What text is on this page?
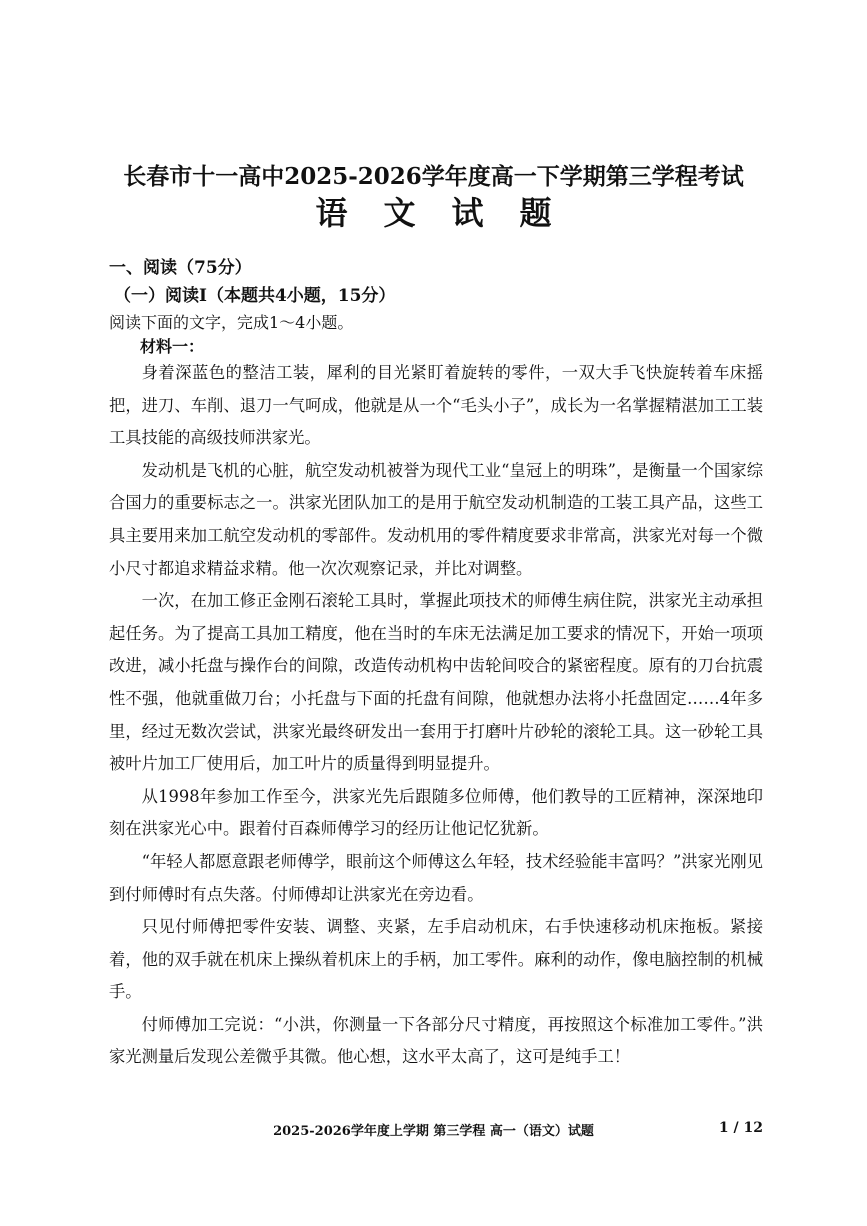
长春市十一高中2025-2026学年度高一下学期第三学程考试
语文试题
一、阅读（75分）
（一）阅读I（本题共4小题，15分）
阅读下面的文字，完成1～4小题。
材料一：

身着深蓝色的整洁工装，犀利的目光紧盯着旋转的零件，一双大手飞快旋转着车床摇把，进刀、车削、退刀一气呵成，他就是从一个“毛头小子”，成长为一名掌握精湛加工工装工具技能的高级技师洪家光。

发动机是飞机的心脏，航空发动机被誉为现代工业“皇冠上的明珠”，是衡量一个国家综合国力的重要标志之一。洪家光团队加工的是用于航空发动机制造的工装工具产品，这些工具主要用来加工航空发动机的零部件。发动机用的零件精度要求非常高，洪家光对每一个微小尺寸都追求精益求精。他一次次观察记录，并比对调整。

一次，在加工修正金刚石滚轮工具时，掌握此项技术的师傅生病住院，洪家光主动承担起任务。为了提高工具加工精度，他在当时的车床无法满足加工要求的情况下，开始一项项改进，减小托盘与操作台的间隙，改造传动机构中齿轮间咬合的紧密程度。原有的刀台抗震性不强，他就重做刀台；小托盘与下面的托盘有间隙，他就想办法将小托盘固定……4年多里，经过无数次尝试，洪家光最终研发出一套用于打磨叶片砂轮的滚轮工具。这一砂轮工具被叶片加工厂使用后，加工叶片的质量得到明显提升。

从1998年参加工作至今，洪家光先后跟随多位师傅，他们教导的工匠精神，深深地印刻在洪家光心中。跟着付百森师傅学习的经历让他记忆犹新。

“年轻人都愿意跟老师傅学，眼前这个师傅这么年轻，技术经验能丰富吗？”洪家光刚见到付师傅时有点失落。付师傅却让洪家光在旁边看。

只见付师傅把零件安装、调整、夹紧，左手启动机床，右手快速移动机床拖板。紧接着，他的双手就在机床上操纵着机床上的手柄，加工零件。麻利的动作，像电脑控制的机械手。

付师傅加工完说：“小洪，你测量一下各部分尺寸精度，再按照这个标准加工零件。”洪家光测量后发现公差微乎其微。他心想，这水平太高了，这可是纯手工！

2025-2026学年度上学期 第三学程 高一（语文）试题	1 / 12
